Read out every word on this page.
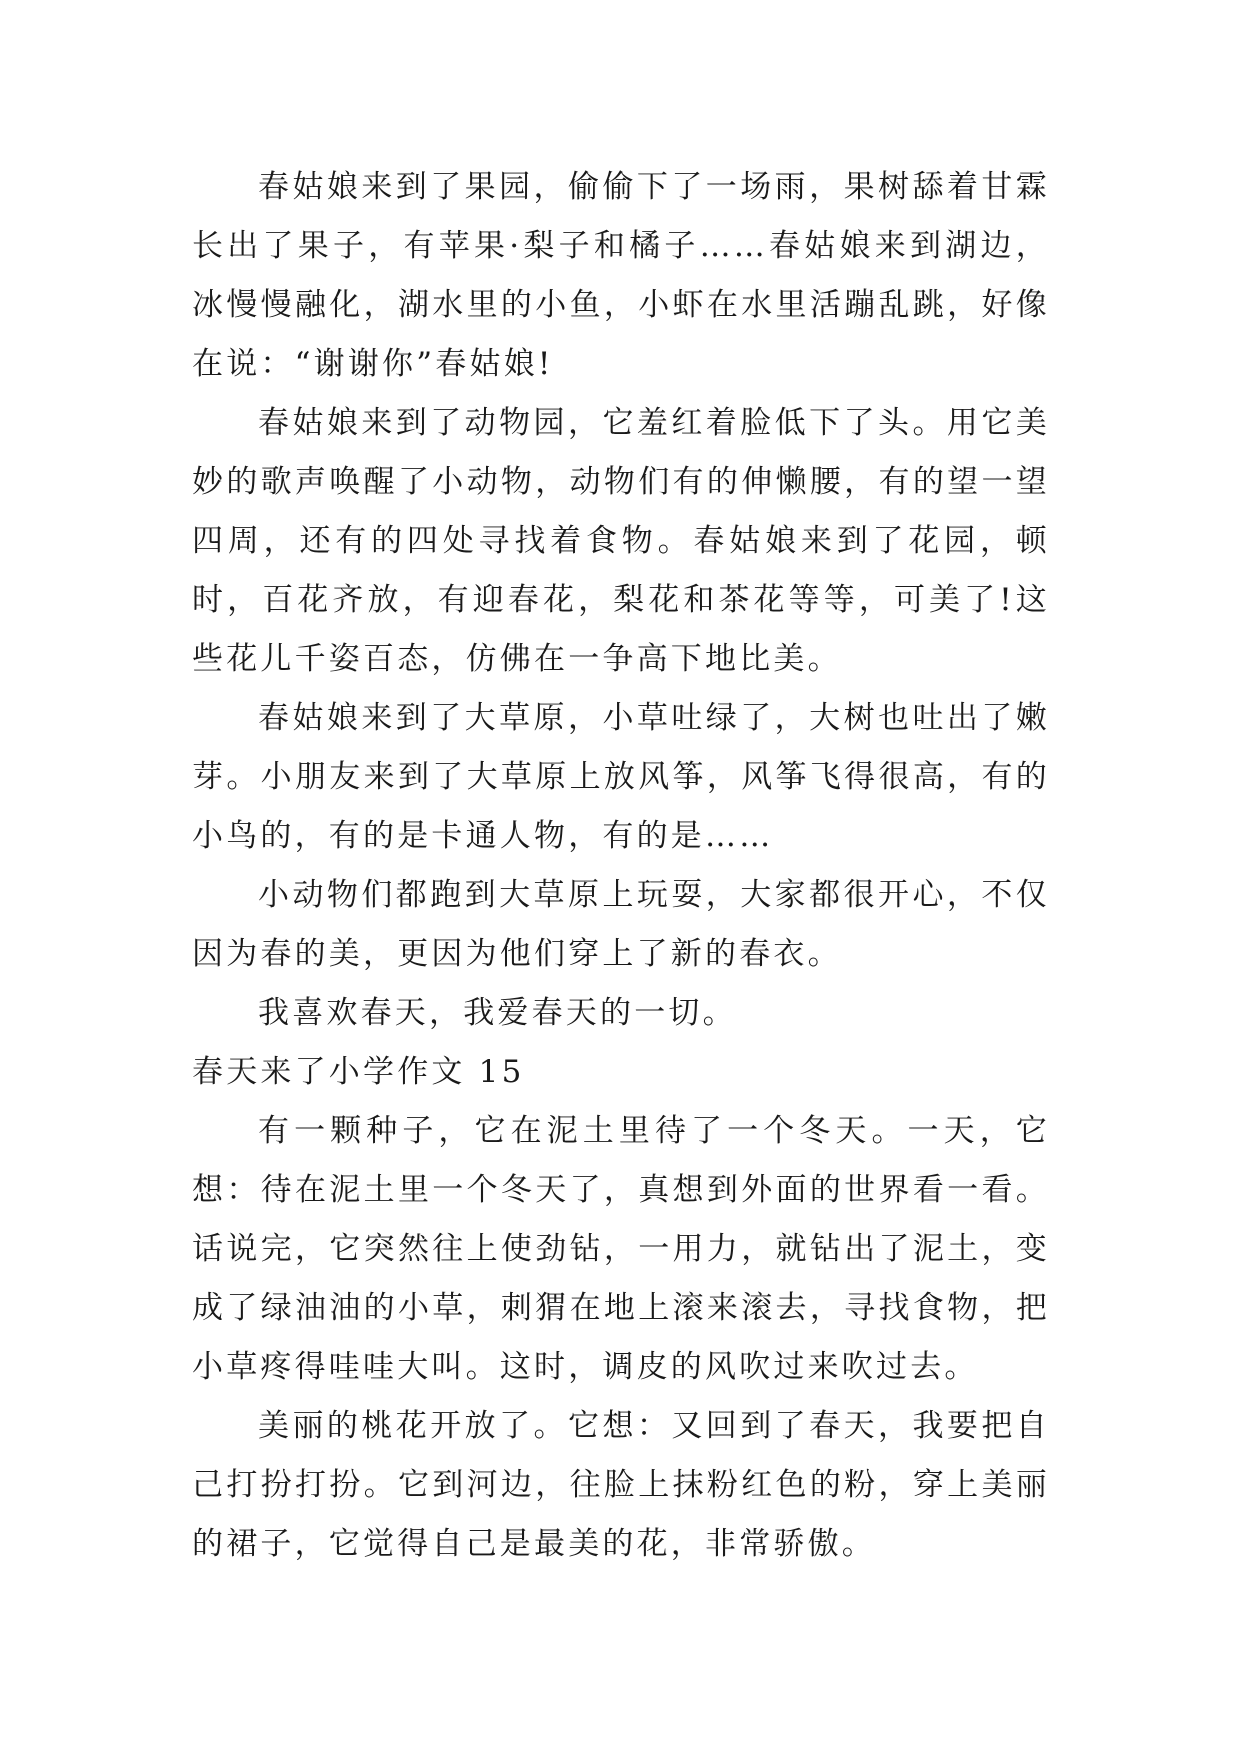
春姑娘来到了果园，偷偷下了一场雨，果树舔着甘霖长出了果子，有苹果·梨子和橘子……春姑娘来到湖边，冰慢慢融化，湖水里的小鱼，小虾在水里活蹦乱跳，好像在说：“谢谢你”春姑娘!

春姑娘来到了动物园，它羞红着脸低下了头。用它美妙的歌声唤醒了小动物，动物们有的伸懒腰，有的望一望四周，还有的四处寻找着食物。春姑娘来到了花园，顿时，百花齐放，有迎春花，梨花和茶花等等，可美了!这些花儿千姿百态，仿佛在一争高下地比美。

春姑娘来到了大草原，小草吐绿了，大树也吐出了嫩芽。小朋友来到了大草原上放风筝，风筝飞得很高，有的小鸟的，有的是卡通人物，有的是……

小动物们都跑到大草原上玩耍，大家都很开心，不仅因为春的美，更因为他们穿上了新的春衣。

我喜欢春天，我爱春天的一切。

春天来了小学作文 15

有一颗种子，它在泥土里待了一个冬天。一天，它想：待在泥土里一个冬天了，真想到外面的世界看一看。话说完，它突然往上使劲钻，一用力，就钻出了泥土，变成了绿油油的小草，刺猬在地上滚来滚去，寻找食物，把小草疼得哇哇大叫。这时，调皮的风吹过来吹过去。

美丽的桃花开放了。它想：又回到了春天，我要把自己打扮打扮。它到河边，往脸上抹粉红色的粉，穿上美丽的裙子，它觉得自己是最美的花，非常骄傲。
